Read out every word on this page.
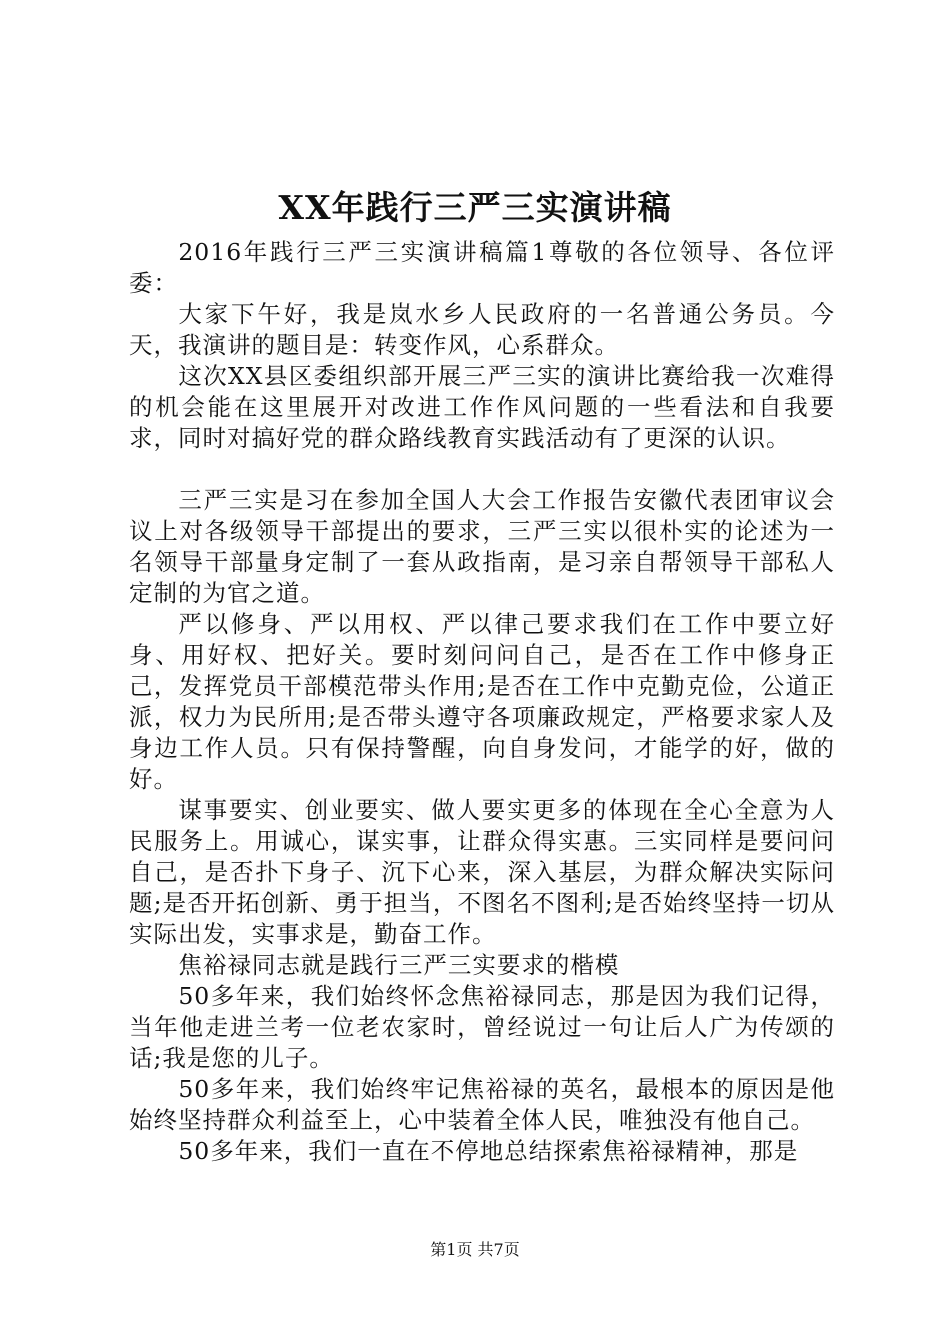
XX年践行三严三实演讲稿

2016年践行三严三实演讲稿篇1尊敬的各位领导、各位评委：

大家下午好，我是岚水乡人民政府的一名普通公务员。今天，我演讲的题目是：转变作风，心系群众。

这次XX县区委组织部开展三严三实的演讲比赛给我一次难得的机会能在这里展开对改进工作作风问题的一些看法和自我要求，同时对搞好党的群众路线教育实践活动有了更深的认识。

三严三实是习在参加全国人大会工作报告安徽代表团审议会议上对各级领导干部提出的要求，三严三实以很朴实的论述为一名领导干部量身定制了一套从政指南，是习亲自帮领导干部私人定制的为官之道。

严以修身、严以用权、严以律己要求我们在工作中要立好身、用好权、把好关。要时刻问问自己，是否在工作中修身正己，发挥党员干部模范带头作用;是否在工作中克勤克俭，公道正派，权力为民所用;是否带头遵守各项廉政规定，严格要求家人及身边工作人员。只有保持警醒，向自身发问，才能学的好，做的好。

谋事要实、创业要实、做人要实更多的体现在全心全意为人民服务上。用诚心，谋实事，让群众得实惠。三实同样是要问问自己，是否扑下身子、沉下心来，深入基层，为群众解决实际问题;是否开拓创新、勇于担当，不图名不图利;是否始终坚持一切从实际出发，实事求是，勤奋工作。

焦裕禄同志就是践行三严三实要求的楷模

50多年来，我们始终怀念焦裕禄同志，那是因为我们记得，当年他走进兰考一位老农家时，曾经说过一句让后人广为传颂的话;我是您的儿子。

50多年来，我们始终牢记焦裕禄的英名，最根本的原因是他始终坚持群众利益至上，心中装着全体人民，唯独没有他自己。

50多年来，我们一直在不停地总结探索焦裕禄精神，那是

第1页 共7页
